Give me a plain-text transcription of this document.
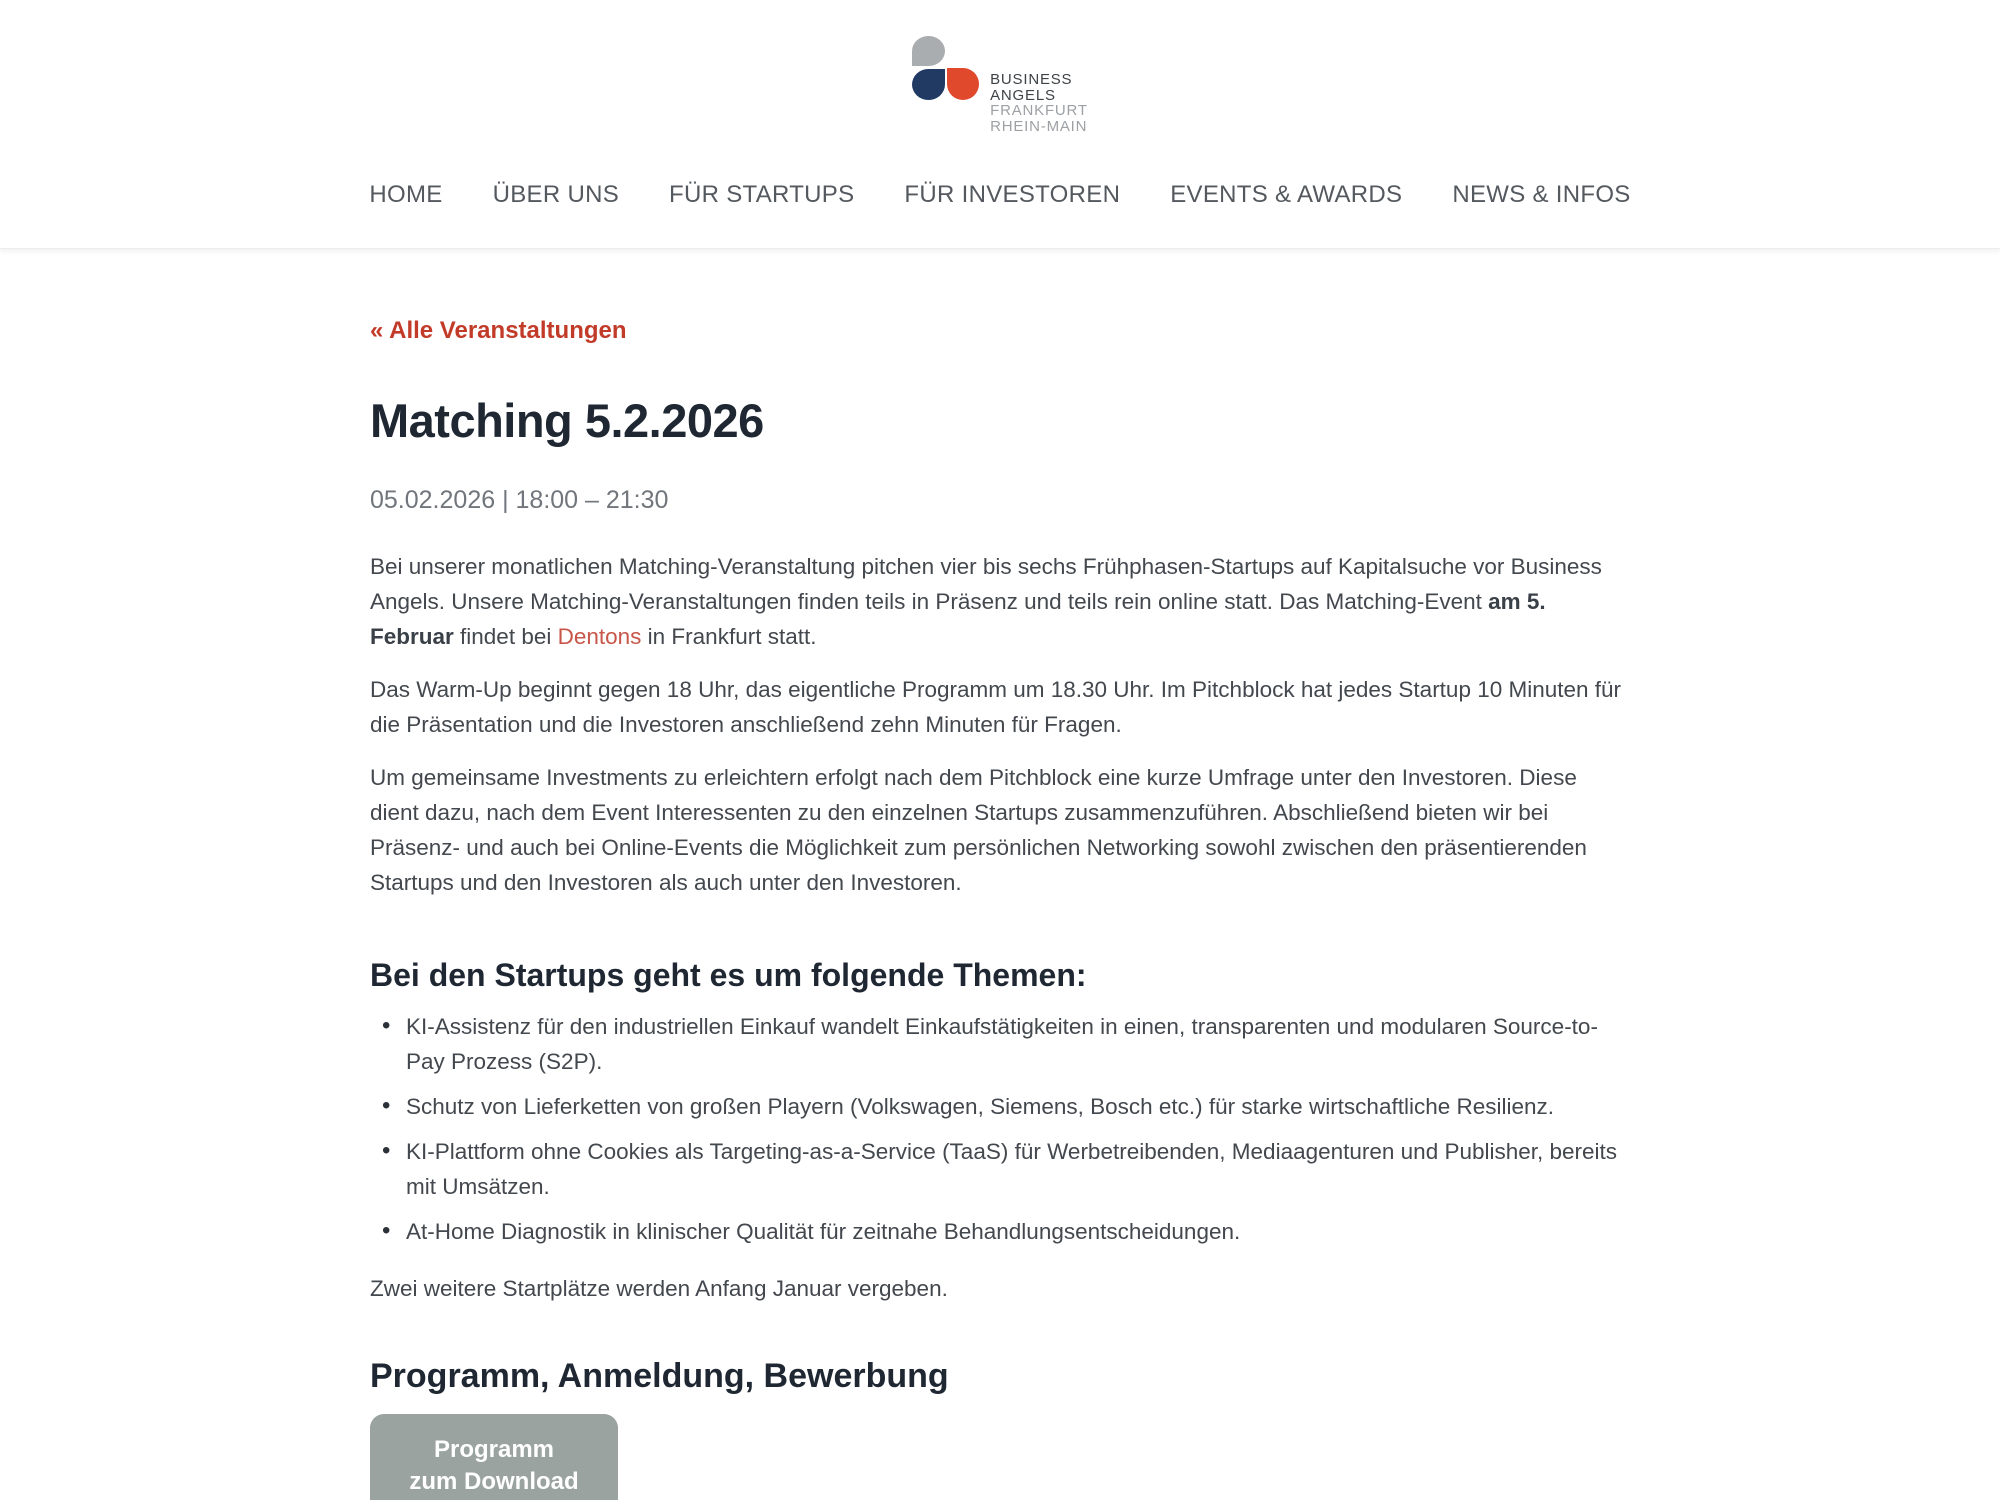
BUSINESS
ANGELS
FRANKFURT
RHEIN-MAIN
HOME ÜBER UNS FÜR STARTUPS FÜR INVESTOREN EVENTS & AWARDS NEWS & INFOS
« Alle Veranstaltungen
Matching 5.2.2026

05.02.2026 | 18:00 – 21:30

Bei unserer monatlichen Matching-Veranstaltung pitchen vier bis sechs Frühphasen-Startups auf Kapitalsuche vor Business Angels. Unsere Matching-Veranstaltungen finden teils in Präsenz und teils rein online statt. Das Matching-Event am 5. Februar findet bei Dentons in Frankfurt statt.

Das Warm-Up beginnt gegen 18 Uhr, das eigentliche Programm um 18.30 Uhr. Im Pitchblock hat jedes Startup 10 Minuten für die Präsentation und die Investoren anschließend zehn Minuten für Fragen.

Um gemeinsame Investments zu erleichtern erfolgt nach dem Pitchblock eine kurze Umfrage unter den Investoren. Diese dient dazu, nach dem Event Interessenten zu den einzelnen Startups zusammenzuführen. Abschließend bieten wir bei Präsenz- und auch bei Online-Events die Möglichkeit zum persönlichen Networking sowohl zwischen den präsentierenden Startups und den Investoren als auch unter den Investoren.

Bei den Startups geht es um folgende Themen:
• KI-Assistenz für den industriellen Einkauf wandelt Einkaufstätigkeiten in einen, transparenten und modularen Source-to-Pay Prozess (S2P).
• Schutz von Lieferketten von großen Playern (Volkswagen, Siemens, Bosch etc.) für starke wirtschaftliche Resilienz.
• KI-Plattform ohne Cookies als Targeting-as-a-Service (TaaS) für Werbetreibenden, Mediaagenturen und Publisher, bereits mit Umsätzen.
• At-Home Diagnostik in klinischer Qualität für zeitnahe Behandlungsentscheidungen.

Zwei weitere Startplätze werden Anfang Januar vergeben.

Programm, Anmeldung, Bewerbung
Programm
zum Download
